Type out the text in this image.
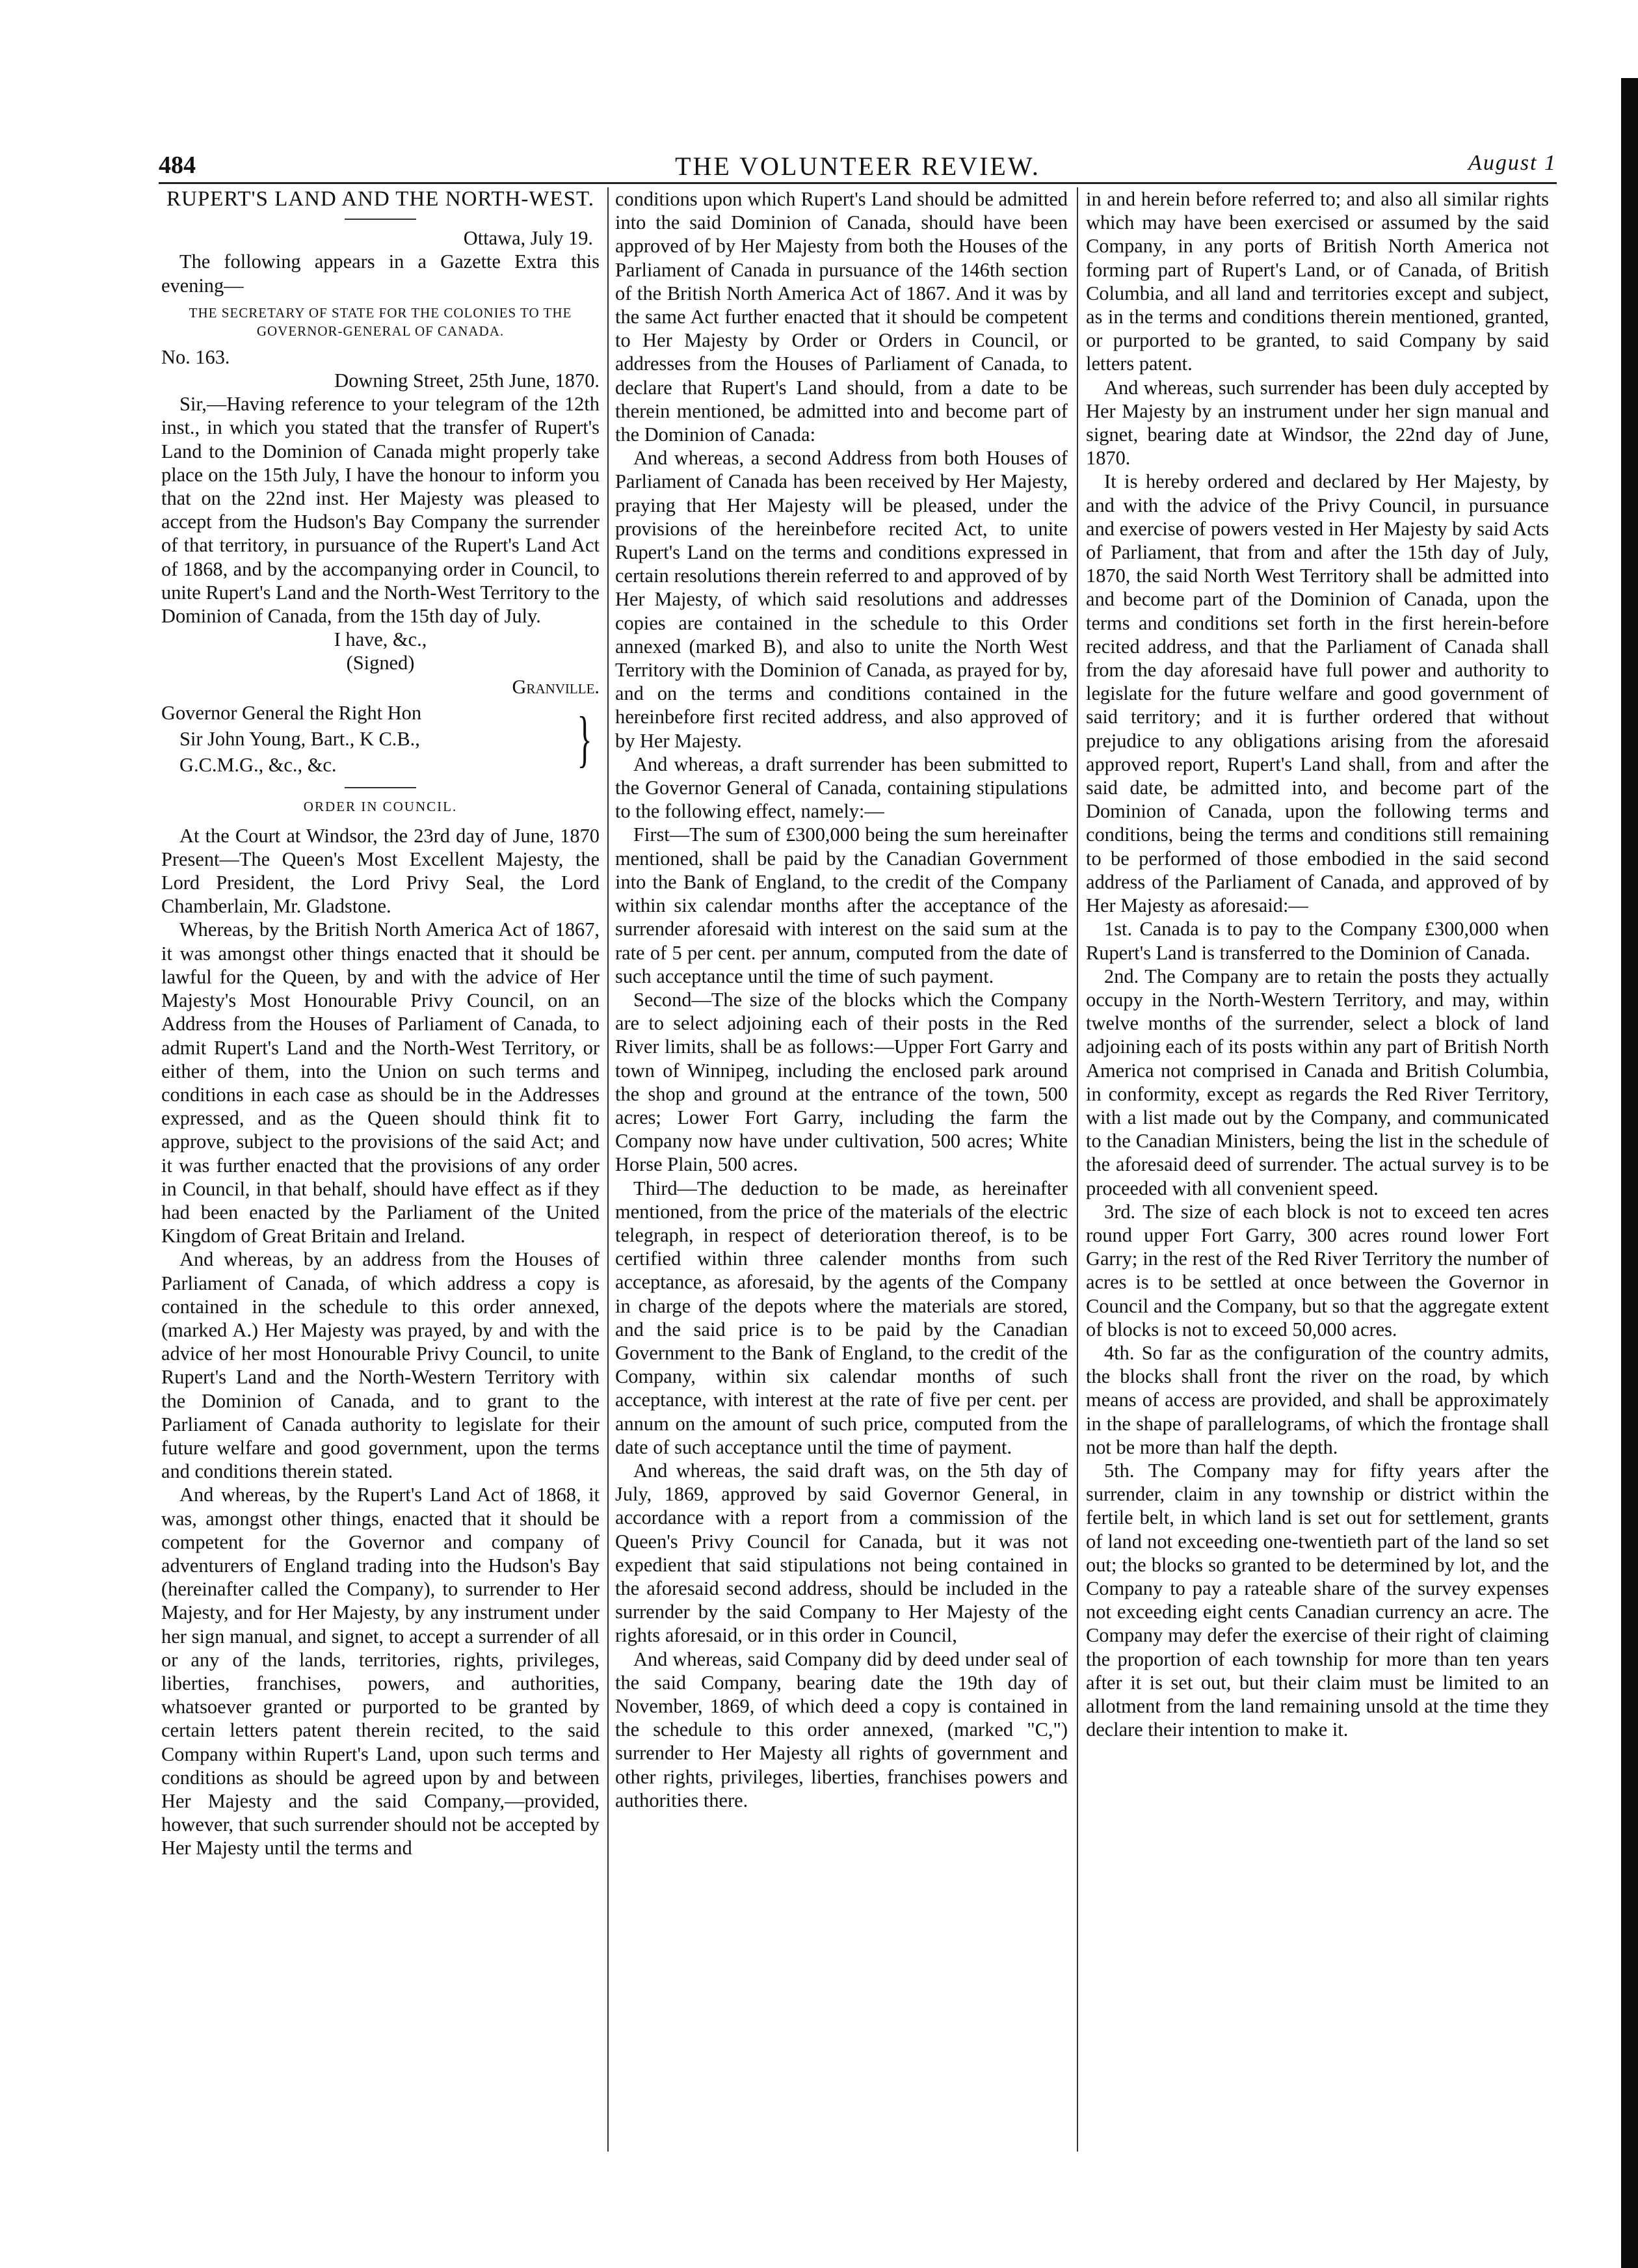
484	THE VOLUNTEER REVIEW.	August 1

RUPERT'S LAND AND THE NORTH-WEST.

Ottawa, July 19.

The following appears in a Gazette Extra this evening—

THE SECRETARY OF STATE FOR THE COLONIES TO THE GOVERNOR-GENERAL OF CANADA.

No. 163.

Downing Street, 25th June, 1870.

Sir,—Having reference to your telegram of the 12th inst., in which you stated that the transfer of Rupert's Land to the Dominion of Canada might properly take place on the 15th July, I have the honour to inform you that on the 22nd inst. Her Majesty was pleased to accept from the Hudson's Bay Company the surrender of that territory, in pursuance of the Rupert's Land Act of 1868, and by the accompanying order in Council, to unite Rupert's Land and the North-West Territory to the Dominion of Canada, from the 15th day of July.

I have, &c.,

(Signed)

Granville.

Governor General the Right Hon

Sir John Young, Bart., K C.B.,

G.C.M.G., &c., &c.	}

ORDER IN COUNCIL.

At the Court at Windsor, the 23rd day of June, 1870 Present—The Queen's Most Excellent Majesty, the Lord President, the Lord Privy Seal, the Lord Chamberlain, Mr. Gladstone.

Whereas, by the British North America Act of 1867, it was amongst other things enacted that it should be lawful for the Queen, by and with the advice of Her Majesty's Most Honourable Privy Council, on an Address from the Houses of Parliament of Canada, to admit Rupert's Land and the North-West Territory, or either of them, into the Union on such terms and conditions in each case as should be in the Addresses expressed, and as the Queen should think fit to approve, subject to the provisions of the said Act; and it was further enacted that the provisions of any order in Council, in that behalf, should have effect as if they had been enacted by the Parliament of the United Kingdom of Great Britain and Ireland.

And whereas, by an address from the Houses of Parliament of Canada, of which address a copy is contained in the schedule to this order annexed, (marked A.) Her Majesty was prayed, by and with the advice of her most Honourable Privy Council, to unite Rupert's Land and the North-Western Territory with the Dominion of Canada, and to grant to the Parliament of Canada authority to legislate for their future welfare and good government, upon the terms and conditions therein stated.

And whereas, by the Rupert's Land Act of 1868, it was, amongst other things, enacted that it should be competent for the Governor and company of adventurers of England trading into the Hudson's Bay (hereinafter called the Company), to surrender to Her Majesty, and for Her Majesty, by any instrument under her sign manual, and signet, to accept a surrender of all or any of the lands, territories, rights, privileges, liberties, franchises, powers, and authorities, whatsoever granted or purported to be granted by certain letters patent therein recited, to the said Company within Rupert's Land, upon such terms and conditions as should be agreed upon by and between Her Majesty and the said Company,—provided, however, that such surrender should not be accepted by Her Majesty until the terms and

conditions upon which Rupert's Land should be admitted into the said Dominion of Canada, should have been approved of by Her Majesty from both the Houses of the Parliament of Canada in pursuance of the 146th section of the British North America Act of 1867. And it was by the same Act further enacted that it should be competent to Her Majesty by Order or Orders in Council, or addresses from the Houses of Parliament of Canada, to declare that Rupert's Land should, from a date to be therein mentioned, be admitted into and become part of the Dominion of Canada:

And whereas, a second Address from both Houses of Parliament of Canada has been received by Her Majesty, praying that Her Majesty will be pleased, under the provisions of the hereinbefore recited Act, to unite Rupert's Land on the terms and conditions expressed in certain resolutions therein referred to and approved of by Her Majesty, of which said resolutions and addresses copies are contained in the schedule to this Order annexed (marked B), and also to unite the North West Territory with the Dominion of Canada, as prayed for by, and on the terms and conditions contained in the hereinbefore first recited address, and also approved of by Her Majesty.

And whereas, a draft surrender has been submitted to the Governor General of Canada, containing stipulations to the following effect, namely:—

First—The sum of £300,000 being the sum hereinafter mentioned, shall be paid by the Canadian Government into the Bank of England, to the credit of the Company within six calendar months after the acceptance of the surrender aforesaid with interest on the said sum at the rate of 5 per cent. per annum, computed from the date of such acceptance until the time of such payment.

Second—The size of the blocks which the Company are to select adjoining each of their posts in the Red River limits, shall be as follows:—Upper Fort Garry and town of Winnipeg, including the enclosed park around the shop and ground at the entrance of the town, 500 acres; Lower Fort Garry, including the farm the Company now have under cultivation, 500 acres; White Horse Plain, 500 acres.

Third—The deduction to be made, as hereinafter mentioned, from the price of the materials of the electric telegraph, in respect of deterioration thereof, is to be certified within three calender months from such acceptance, as aforesaid, by the agents of the Company in charge of the depots where the materials are stored, and the said price is to be paid by the Canadian Government to the Bank of England, to the credit of the Company, within six calendar months of such acceptance, with interest at the rate of five per cent. per annum on the amount of such price, computed from the date of such acceptance until the time of payment.

And whereas, the said draft was, on the 5th day of July, 1869, approved by said Governor General, in accordance with a report from a commission of the Queen's Privy Council for Canada, but it was not expedient that said stipulations not being contained in the aforesaid second address, should be included in the surrender by the said Company to Her Majesty of the rights aforesaid, or in this order in Council,

And whereas, said Company did by deed under seal of the said Company, bearing date the 19th day of November, 1869, of which deed a copy is contained in the schedule to this order annexed, (marked "C,") surrender to Her Majesty all rights of government and other rights, privileges, liberties, franchises powers and authorities there.

in and herein before referred to; and also all similar rights which may have been exercised or assumed by the said Company, in any ports of British North America not forming part of Rupert's Land, or of Canada, of British Columbia, and all land and territories except and subject, as in the terms and conditions therein mentioned, granted, or purported to be granted, to said Company by said letters patent.

And whereas, such surrender has been duly accepted by Her Majesty by an instrument under her sign manual and signet, bearing date at Windsor, the 22nd day of June, 1870.

It is hereby ordered and declared by Her Majesty, by and with the advice of the Privy Council, in pursuance and exercise of powers vested in Her Majesty by said Acts of Parliament, that from and after the 15th day of July, 1870, the said North West Territory shall be admitted into and become part of the Dominion of Canada, upon the terms and conditions set forth in the first herein-before recited address, and that the Parliament of Canada shall from the day aforesaid have full power and authority to legislate for the future welfare and good government of said territory; and it is further ordered that without prejudice to any obligations arising from the aforesaid approved report, Rupert's Land shall, from and after the said date, be admitted into, and become part of the Dominion of Canada, upon the following terms and conditions, being the terms and conditions still remaining to be performed of those embodied in the said second address of the Parliament of Canada, and approved of by Her Majesty as aforesaid:—

1st. Canada is to pay to the Company £300,000 when Rupert's Land is transferred to the Dominion of Canada.

2nd. The Company are to retain the posts they actually occupy in the North-Western Territory, and may, within twelve months of the surrender, select a block of land adjoining each of its posts within any part of British North America not comprised in Canada and British Columbia, in conformity, except as regards the Red River Territory, with a list made out by the Company, and communicated to the Canadian Ministers, being the list in the schedule of the aforesaid deed of surrender. The actual survey is to be proceeded with all convenient speed.

3rd. The size of each block is not to exceed ten acres round upper Fort Garry, 300 acres round lower Fort Garry; in the rest of the Red River Territory the number of acres is to be settled at once between the Governor in Council and the Company, but so that the aggregate extent of blocks is not to exceed 50,000 acres.

4th. So far as the configuration of the country admits, the blocks shall front the river on the road, by which means of access are provided, and shall be approximately in the shape of parallelograms, of which the frontage shall not be more than half the depth.

5th. The Company may for fifty years after the surrender, claim in any township or district within the fertile belt, in which land is set out for settlement, grants of land not exceeding one-twentieth part of the land so set out; the blocks so granted to be determined by lot, and the Company to pay a rateable share of the survey expenses not exceeding eight cents Canadian currency an acre. The Company may defer the exercise of their right of claiming the proportion of each township for more than ten years after it is set out, but their claim must be limited to an allotment from the land remaining unsold at the time they declare their intention to make it.
